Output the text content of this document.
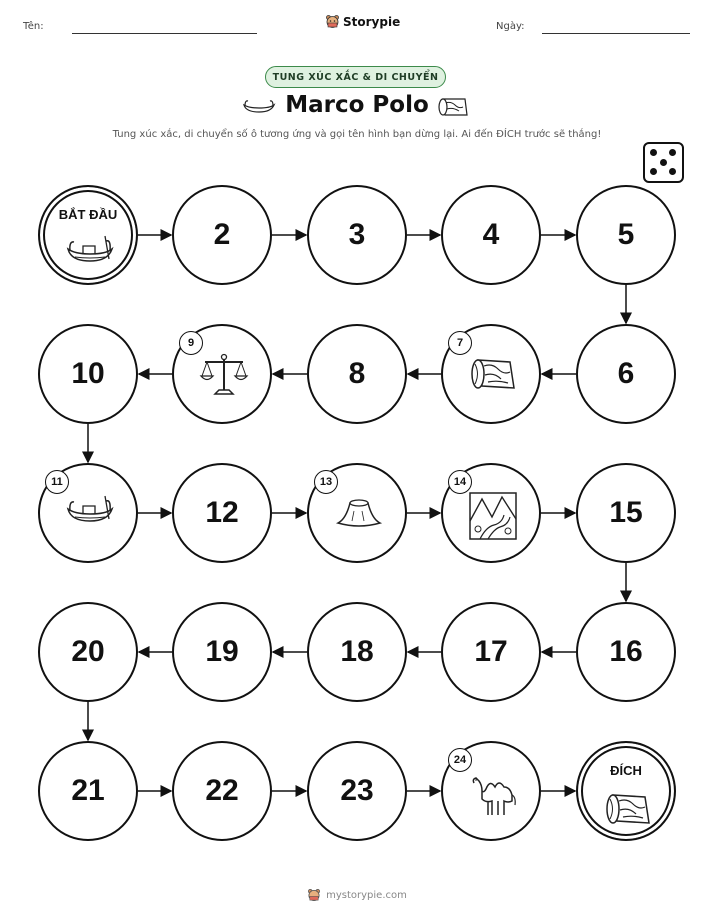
Tên:	Storypie	Ngày:
TUNG XÚC XẮC & DI CHUYỂN
Marco Polo
Tung xúc xắc, di chuyển số ô tương ứng và gọi tên hình bạn dừng lại. Ai đến ĐÍCH trước sẽ thắng!
BẮT ĐẦU
2	3	4	5
6
7
8
9
10
11
12
13	14
15
16
17
18
19
20
21	22	23
24
ĐÍCH
mystorypie.com
